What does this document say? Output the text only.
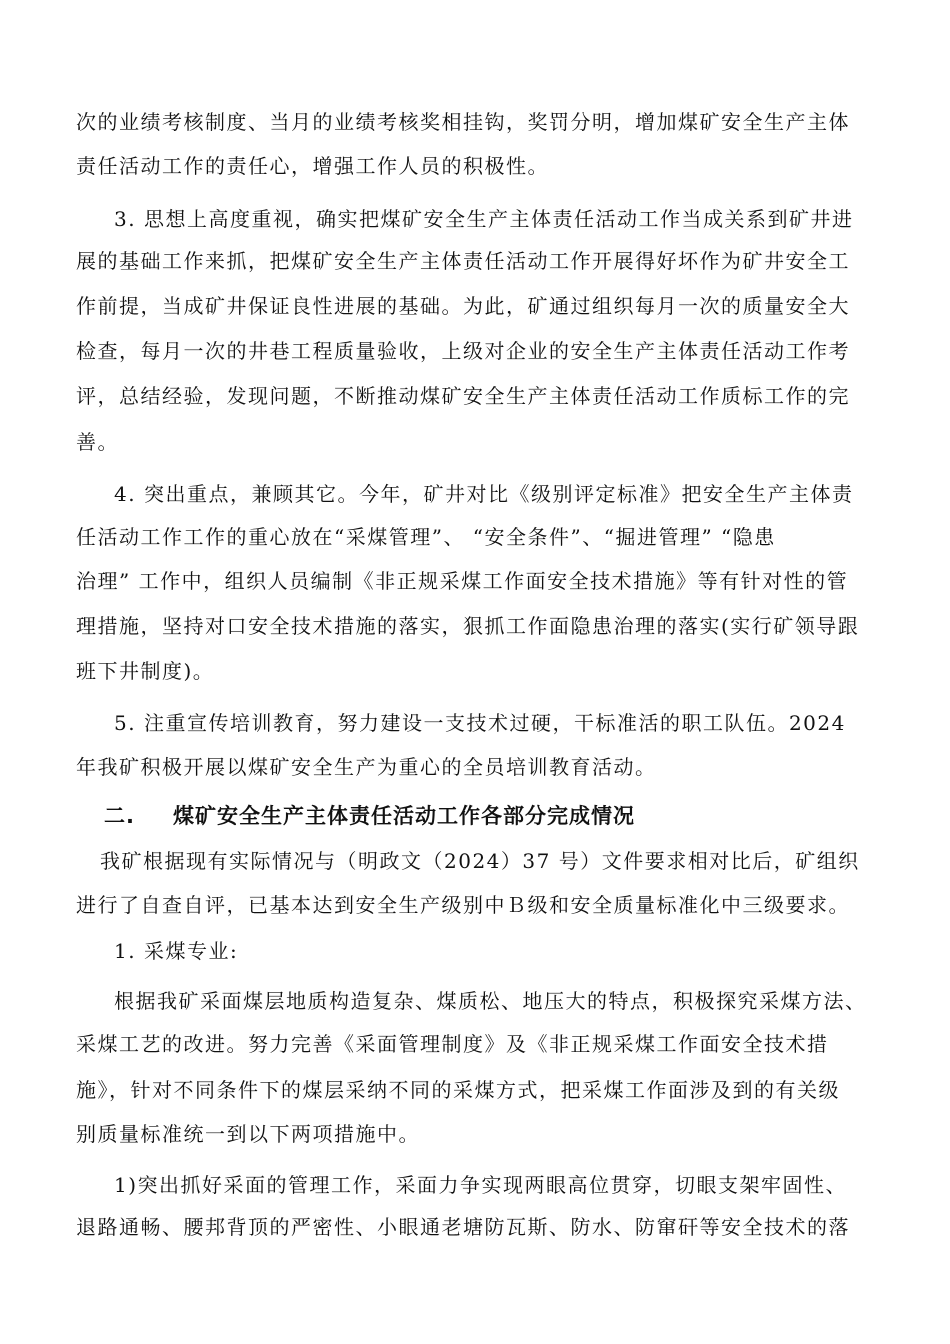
次的业绩考核制度、当月的业绩考核奖相挂钩，奖罚分明，增加煤矿安全生产主体
责任活动工作的责任心，增强工作人员的积极性。
3. 思想上高度重视，确实把煤矿安全生产主体责任活动工作当成关系到矿井进
展的基础工作来抓，把煤矿安全生产主体责任活动工作开展得好坏作为矿井安全工
作前提，当成矿井保证良性进展的基础。为此，矿通过组织每月一次的质量安全大
检查，每月一次的井巷工程质量验收，上级对企业的安全生产主体责任活动工作考
评，总结经验，发现问题，不断推动煤矿安全生产主体责任活动工作质标工作的完
善。
4. 突出重点，兼顾其它。今年，矿井对比《级别评定标准》把安全生产主体责
任活动工作工作的重心放在“采煤管理”、 “安全条件”、“掘进管理” “隐患
治理” 工作中，组织人员编制《非正规采煤工作面安全技术措施》等有针对性的管
理措施，坚持对口安全技术措施的落实，狠抓工作面隐患治理的落实(实行矿领导跟
班下井制度)。
5. 注重宣传培训教育，努力建设一支技术过硬，干标准活的职工队伍。2024
年我矿积极开展以煤矿安全生产为重心的全员培训教育活动。
二. 煤矿安全生产主体责任活动工作各部分完成情况
我矿根据现有实际情况与（明政文（2024）37 号）文件要求相对比后，矿组织
进行了自查自评，已基本达到安全生产级别中Ｂ级和安全质量标准化中三级要求。
1. 采煤专业:
根据我矿采面煤层地质构造复杂、煤质松、地压大的特点，积极探究采煤方法、
采煤工艺的改进。努力完善《采面管理制度》及《非正规采煤工作面安全技术措
施》，针对不同条件下的煤层采纳不同的采煤方式，把采煤工作面涉及到的有关级
别质量标准统一到以下两项措施中。
1)突出抓好采面的管理工作，采面力争实现两眼高位贯穿，切眼支架牢固性、
退路通畅、腰邦背顶的严密性、小眼通老塘防瓦斯、防水、防窜矸等安全技术的落
